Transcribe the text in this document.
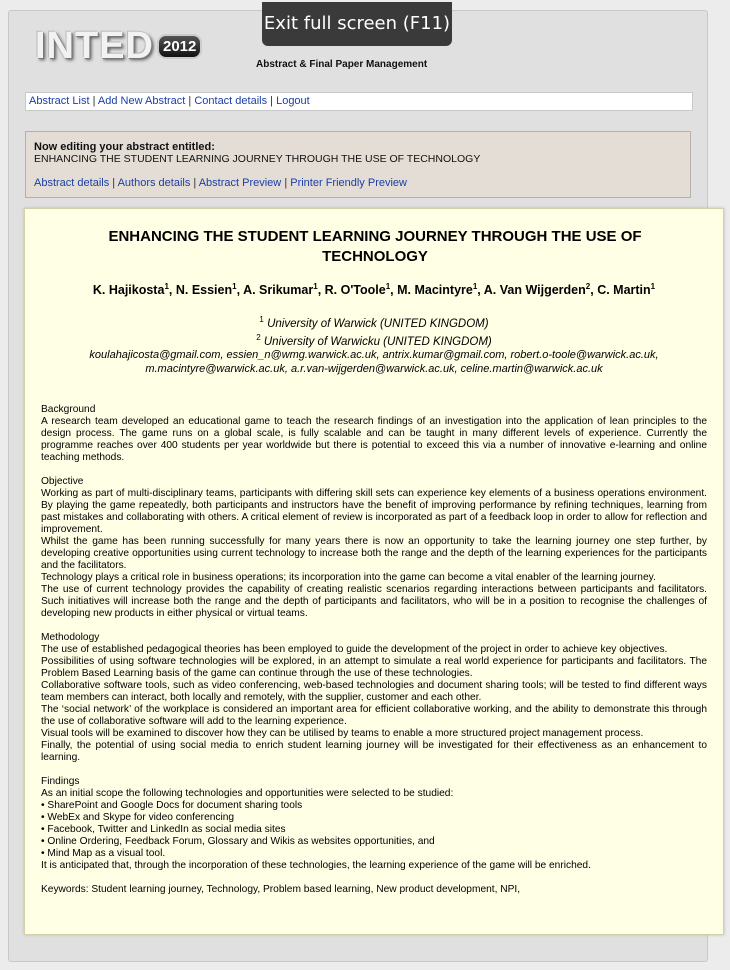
Exit full screen (F11)
INTED 2012
Abstract & Final Paper Management
Abstract List | Add New Abstract | Contact details | Logout
Now editing your abstract entitled:
ENHANCING THE STUDENT LEARNING JOURNEY THROUGH THE USE OF TECHNOLOGY
Abstract details | Authors details | Abstract Preview | Printer Friendly Preview
ENHANCING THE STUDENT LEARNING JOURNEY THROUGH THE USE OF TECHNOLOGY
K. Hajikosta$^1$, N. Essien$^1$, A. Srikumar$^1$, R. O'Toole$^1$, M. Macintyre$^1$, A. Van Wijgerden$^2$, C. Martin$^1$
$^1$ University of Warwick (UNITED KINGDOM)
$^2$ University of Warwicku (UNITED KINGDOM)
koulahajicosta@gmail.com, essien_n@wmg.warwick.ac.uk, antrix.kumar@gmail.com, robert.o-toole@warwick.ac.uk,
m.macintyre@warwick.ac.uk, a.r.van-wijgerden@warwick.ac.uk, celine.martin@warwick.ac.uk

Background

A research team developed an educational game to teach the research findings of an investigation into the application of lean principles to the design process. The game runs on a global scale, is fully scalable and can be taught in many different levels of experience. Currently the programme reaches over 400 students per year worldwide but there is potential to exceed this via a number of innovative e-learning and online teaching methods.

Objective

Working as part of multi-disciplinary teams, participants with differing skill sets can experience key elements of a business operations environment. By playing the game repeatedly, both participants and instructors have the benefit of improving performance by refining techniques, learning from past mistakes and collaborating with others. A critical element of review is incorporated as part of a feedback loop in order to allow for reflection and improvement.

Whilst the game has been running successfully for many years there is now an opportunity to take the learning journey one step further, by developing creative opportunities using current technology to increase both the range and the depth of the learning experiences for the participants and the facilitators.

Technology plays a critical role in business operations; its incorporation into the game can become a vital enabler of the learning journey.

The use of current technology provides the capability of creating realistic scenarios regarding interactions between participants and facilitators. Such initiatives will increase both the range and the depth of participants and facilitators, who will be in a position to recognise the challenges of developing new products in either physical or virtual teams.

Methodology

The use of established pedagogical theories has been employed to guide the development of the project in order to achieve key objectives.

Possibilities of using software technologies will be explored, in an attempt to simulate a real world experience for participants and facilitators. The Problem Based Learning basis of the game can continue through the use of these technologies.

Collaborative software tools, such as video conferencing, web-based technologies and document sharing tools; will be tested to find different ways team members can interact, both locally and remotely, with the supplier, customer and each other.

The ‘social network’ of the workplace is considered an important area for efficient collaborative working, and the ability to demonstrate this through the use of collaborative software will add to the learning experience.

Visual tools will be examined to discover how they can be utilised by teams to enable a more structured project management process.

Finally, the potential of using social media to enrich student learning journey will be investigated for their effectiveness as an enhancement to learning.

Findings

As an initial scope the following technologies and opportunities were selected to be studied:

• SharePoint and Google Docs for document sharing tools

• WebEx and Skype for video conferencing

• Facebook, Twitter and LinkedIn as social media sites

• Online Ordering, Feedback Forum, Glossary and Wikis as websites opportunities, and

• Mind Map as a visual tool.

It is anticipated that, through the incorporation of these technologies, the learning experience of the game will be enriched.

Keywords: Student learning journey, Technology, Problem based learning, New product development, NPI,
